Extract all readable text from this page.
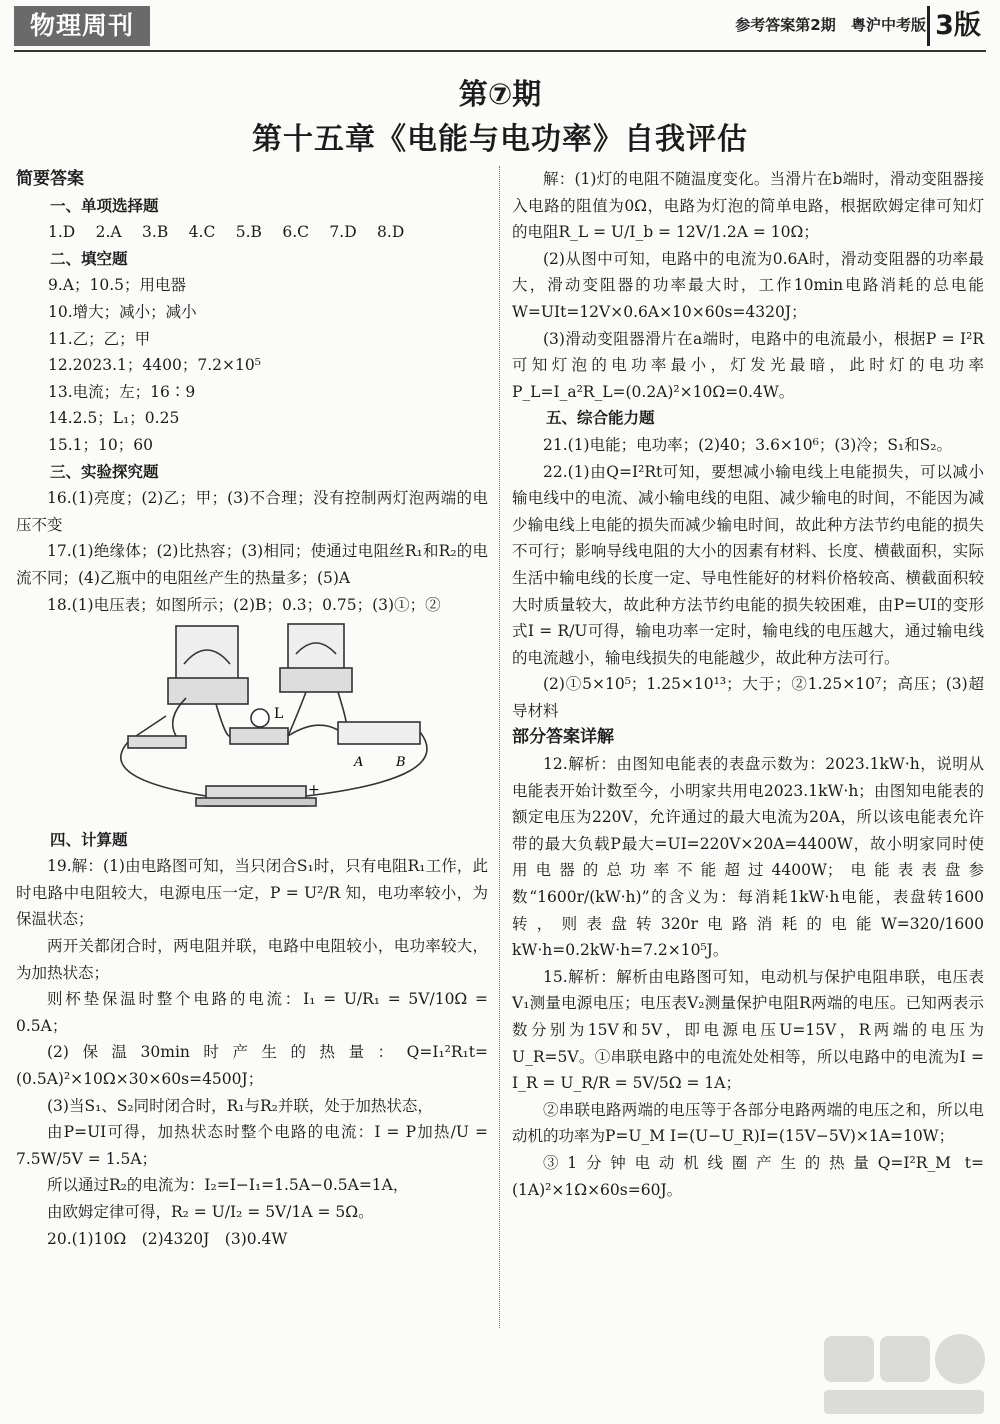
物理周刊	参考答案第2期 粤沪中考版 3版
第⑦期
第十五章《电能与电功率》自我评估

简要答案

一、单项选择题

1.D　 2.A　 3.B　 4.C　 5.B　 6.C　 7.D　 8.D

二、填空题

9.A；10.5；用电器

10.增大；减小；减小

11.乙；乙；甲

12.2023.1；4400；7.2×10⁵

13.电流；左；16∶9

14.2.5；L₁；0.25

15.1；10；60

三、实验探究题

16.(1)亮度；(2)乙；甲；(3)不合理；没有控制两灯泡两端的电压不变

17.(1)绝缘体；(2)比热容；(3)相同；使通过电阻丝R₁和R₂的电流不同；(4)乙瓶中的电阻丝产生的热量多；(5)A

18.(1)电压表；如图所示；(2)B；0.3；0.75；(3)①；②

L
A	B
+

四、计算题

19.解：(1)由电路图可知，当只闭合S₁时，只有电阻R₁工作，此时电路中电阻较大，电源电压一定，P = U²/R 知，电功率较小，为保温状态；

两开关都闭合时，两电阻并联，电路中电阻较小，电功率较大，为加热状态；

则杯垫保温时整个电路的电流：I₁ = U/R₁ = 5V/10Ω = 0.5A；

(2)保温30min时产生的热量：Q=I₁²R₁t=(0.5A)²×10Ω×30×60s=4500J；

(3)当S₁、S₂同时闭合时，R₁与R₂并联，处于加热状态，

由P=UI可得，加热状态时整个电路的电流：I = P加热/U = 7.5W/5V = 1.5A；

所以通过R₂的电流为：I₂=I−I₁=1.5A−0.5A=1A，

由欧姆定律可得，R₂ = U/I₂ = 5V/1A = 5Ω。

20.(1)10Ω　(2)4320J　(3)0.4W

解：(1)灯的电阻不随温度变化。当滑片在b端时，滑动变阻器接入电路的阻值为0Ω，电路为灯泡的简单电路，根据欧姆定律可知灯的电阻R_L = U/I_b = 12V/1.2A = 10Ω；

(2)从图中可知，电路中的电流为0.6A时，滑动变阻器的功率最大，滑动变阻器的功率最大时，工作10min电路消耗的总电能W=UIt=12V×0.6A×10×60s=4320J；

(3)滑动变阻器滑片在a端时，电路中的电流最小，根据P = I²R可知灯泡的电功率最小，灯发光最暗，此时灯的电功率P_L=I_a²R_L=(0.2A)²×10Ω=0.4W。

五、综合能力题

21.(1)电能；电功率；(2)40；3.6×10⁶；(3)冷；S₁和S₂。

22.(1)由Q=I²Rt可知，要想减小输电线上电能损失，可以减小输电线中的电流、减小输电线的电阻、减少输电的时间，不能因为减少输电线上电能的损失而减少输电时间，故此种方法节约电能的损失不可行；影响导线电阻的大小的因素有材料、长度、横截面积，实际生活中输电线的长度一定、导电性能好的材料价格较高、横截面积较大时质量较大，故此种方法节约电能的损失较困难，由P=UI的变形式I = R/U可得，输电功率一定时，输电线的电压越大，通过输电线的电流越小，输电线损失的电能越少，故此种方法可行。

(2)①5×10⁵；1.25×10¹³；大于；②1.25×10⁷；高压；(3)超导材料

部分答案详解

12.解析：由图知电能表的表盘示数为：2023.1kW·h，说明从电能表开始计数至今，小明家共用电2023.1kW·h；由图知电能表的额定电压为220V，允许通过的最大电流为20A，所以该电能表允许带的最大负载P最大=UI=220V×20A=4400W，故小明家同时使用电器的总功率不能超过4400W；电能表表盘参数“1600r/(kW·h)”的含义为：每消耗1kW·h电能，表盘转1600转，则表盘转320r电路消耗的电能W=320/1600 kW·h=0.2kW·h=7.2×10⁵J。

15.解析：解析由电路图可知，电动机与保护电阻串联，电压表V₁测量电源电压；电压表V₂测量保护电阻R两端的电压。已知两表示数分别为15V和5V，即电源电压U=15V，R两端的电压为U_R=5V。①串联电路中的电流处处相等，所以电路中的电流为I = I_R = U_R/R = 5V/5Ω = 1A；

②串联电路两端的电压等于各部分电路两端的电压之和，所以电动机的功率为P=U_M I=(U−U_R)I=(15V−5V)×1A=10W；

③1分钟电动机线圈产生的热量Q=I²R_M t=(1A)²×1Ω×60s=60J。
